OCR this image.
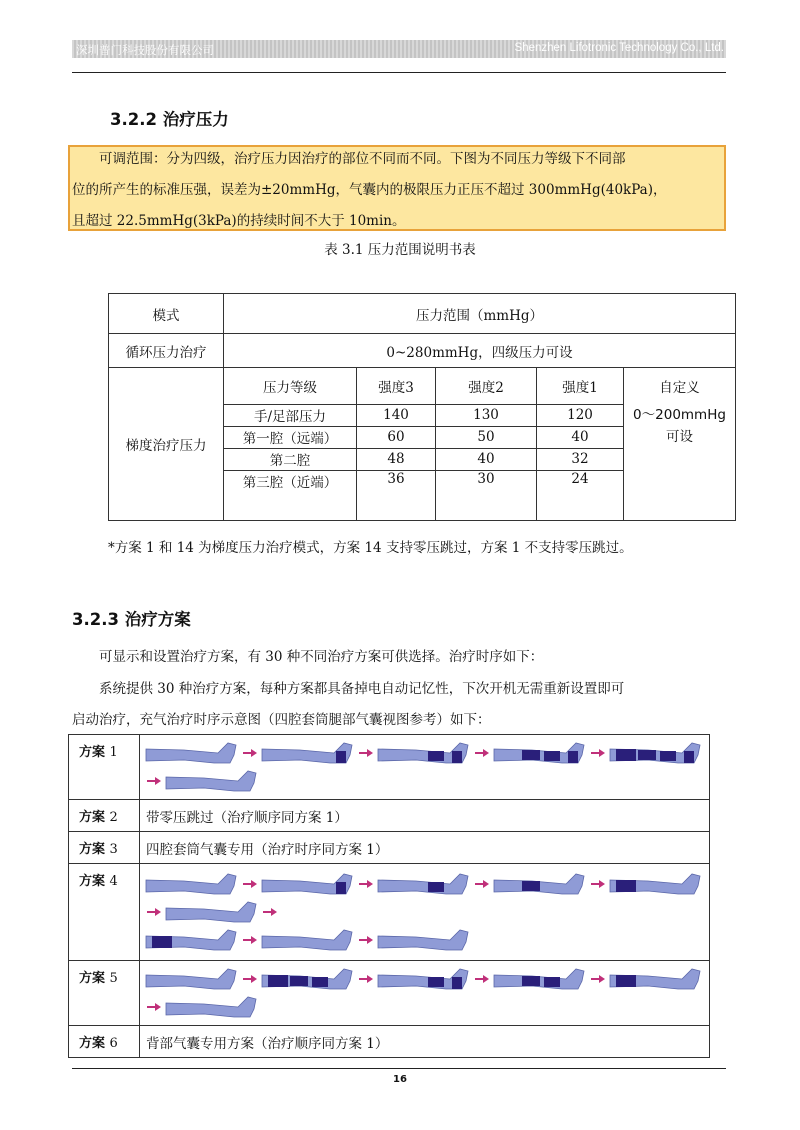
深圳普门科技股份有限公司	Shenzhen Lifotronic Technology Co., Ltd.
3.2.2 治疗压力
　　可调范围：分为四级，治疗压力因治疗的部位不同而不同。下图为不同压力等级下不同部
位的所产生的标准压强，误差为±20mmHg，气囊内的极限压力正压不超过 300mmHg(40kPa)，
且超过 22.5mmHg(3kPa)的持续时间不大于 10min。
表 3.1 压力范围说明书表
模式	压力范围（mmHg）
循环压力治疗	0~280mmHg，四级压力可设
梯度治疗压力	
压力等级	强度3	强度2	强度1	自定义
手/足部压力	140	130	120	0～200mmHg
可设

第一腔（远端）	60	50	40
第二腔	48	40	32
第三腔（近端）	36	30	24
*方案 1 和 14 为梯度压力治疗模式，方案 14 支持零压跳过，方案 1 不支持零压跳过。
3.2.3 治疗方案
　　可显示和设置治疗方案，有 30 种不同治疗方案可供选择。治疗时序如下：
　　系统提供 30 种治疗方案，每种方案都具备掉电自动记忆性，下次开机无需重新设置即可
启动治疗，充气治疗时序示意图（四腔套筒腿部气囊视图参考）如下：
方案 1	

方案 2	带零压跳过（治疗顺序同方案 1）
方案 3	四腔套筒气囊专用（治疗时序同方案 1）
方案 4	

方案 5	

方案 6	背部气囊专用方案（治疗顺序同方案 1）
16
